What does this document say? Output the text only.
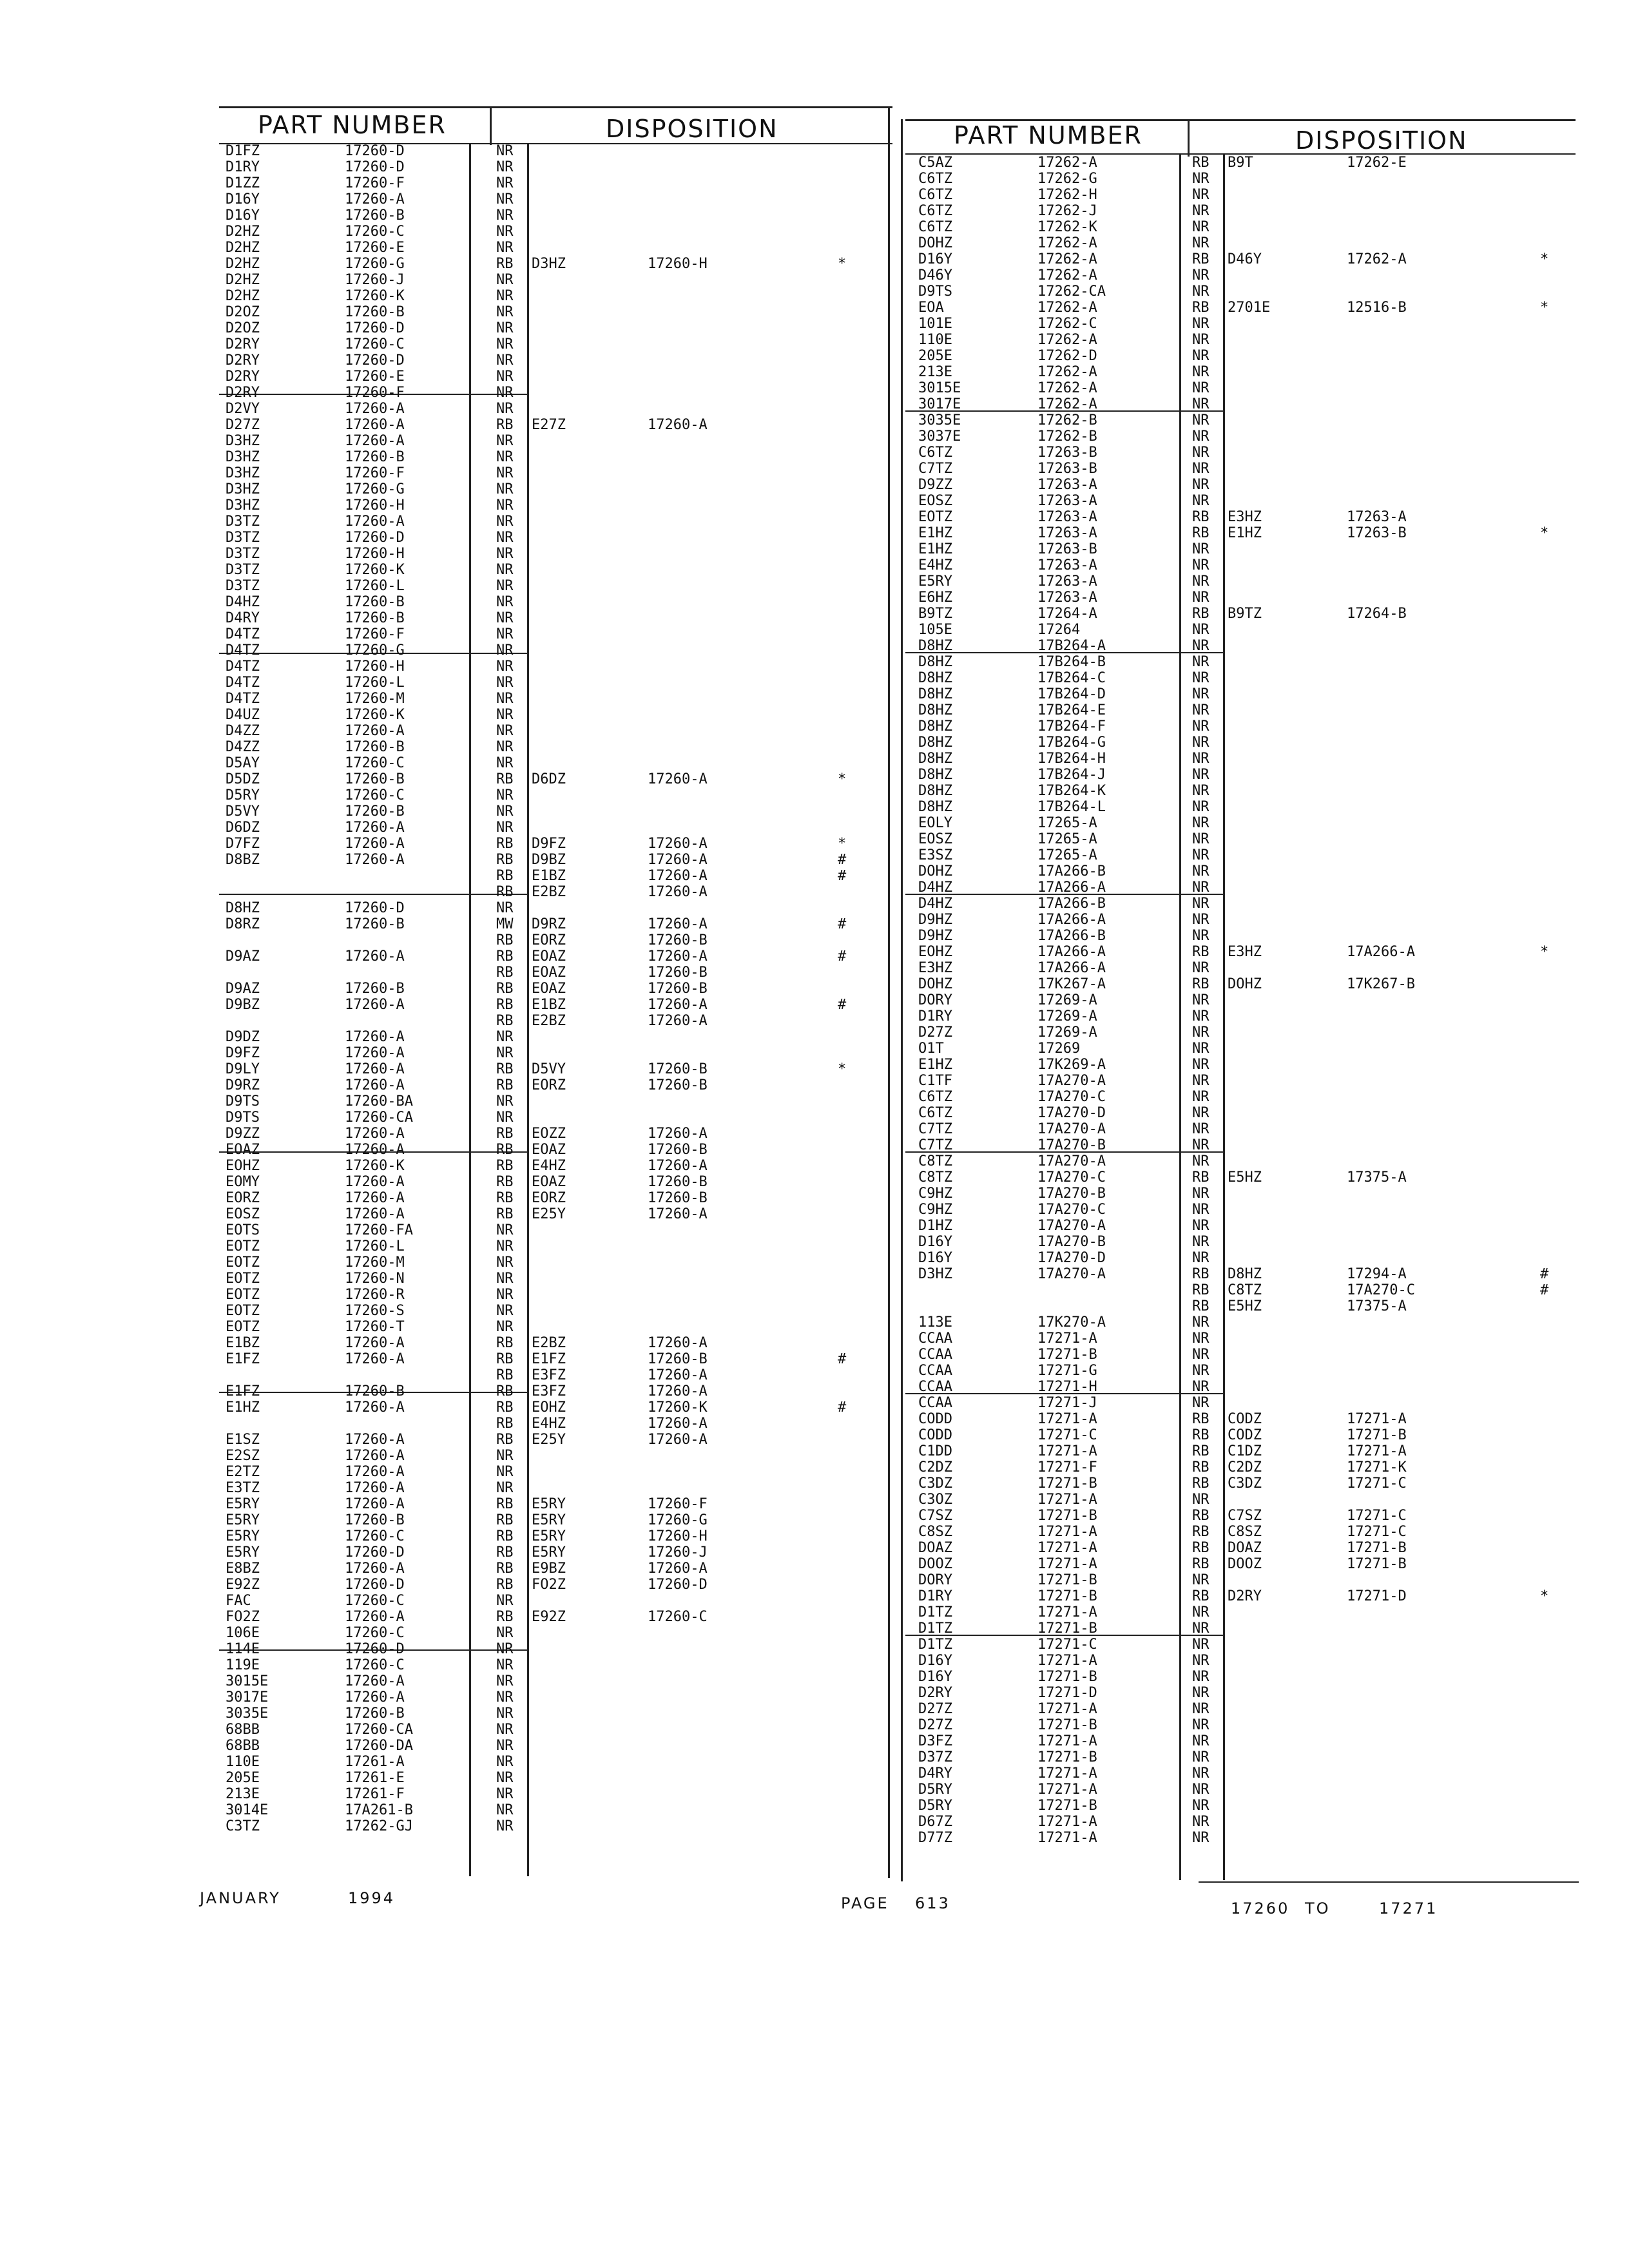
PART NUMBER	DISPOSITION	PART NUMBER	DISPOSITION
D1FZ	17260-D	NR
D1RY	17260-D	NR
D1ZZ	17260-F	NR
D16Y	17260-A	NR
D16Y	17260-B	NR
D2HZ	17260-C	NR
D2HZ	17260-E	NR
D2HZ	17260-G	RB D3HZ	17260-H	*
D2HZ	17260-J	NR
D2HZ	17260-K	NR
D2OZ	17260-B	NR
D2OZ	17260-D	NR
D2RY	17260-C	NR
D2RY	17260-D	NR
D2RY	17260-E	NR
D2RY	17260-F	NR
D2VY	17260-A	NR
D27Z	17260-A	RB E27Z	17260-A
D3HZ	17260-A	NR
D3HZ	17260-B	NR
D3HZ	17260-F	NR
D3HZ	17260-G	NR
D3HZ	17260-H	NR
D3TZ	17260-A	NR
D3TZ	17260-D	NR
D3TZ	17260-H	NR
D3TZ	17260-K	NR
D3TZ	17260-L	NR
D4HZ	17260-B	NR
D4RY	17260-B	NR
D4TZ	17260-F	NR
D4TZ	17260-G	NR
D4TZ	17260-H	NR
D4TZ	17260-L	NR
D4TZ	17260-M	NR
D4UZ	17260-K	NR
D4ZZ	17260-A	NR
D4ZZ	17260-B	NR
D5AY	17260-C	NR
D5DZ	17260-B	RB D6DZ	17260-A	*
D5RY	17260-C	NR
D5VY	17260-B	NR
D6DZ	17260-A	NR
D7FZ	17260-A	RB D9FZ	17260-A	*
D8BZ	17260-A	RB D9BZ	17260-A	#
RB E1BZ	17260-A	#
RB E2BZ	17260-A
D8HZ	17260-D	NR
D8RZ	17260-B	MW D9RZ	17260-A	#
RB EORZ	17260-B
D9AZ	17260-A	RB EOAZ	17260-A	#
RB EOAZ	17260-B
D9AZ	17260-B	RB EOAZ	17260-B
D9BZ	17260-A	RB E1BZ	17260-A	#
RB E2BZ	17260-A
D9DZ	17260-A	NR
D9FZ	17260-A	NR
D9LY	17260-A	RB D5VY	17260-B	*
D9RZ	17260-A	RB EORZ	17260-B
D9TS	17260-BA	NR
D9TS	17260-CA	NR
D9ZZ	17260-A	RB EOZZ	17260-A
EOAZ	17260-A	RB EOAZ	17260-B
EOHZ	17260-K	RB E4HZ	17260-A
EOMY	17260-A	RB EOAZ	17260-B
EORZ	17260-A	RB EORZ	17260-B
EOSZ	17260-A	RB E25Y	17260-A
EOTS	17260-FA	NR
EOTZ	17260-L	NR
EOTZ	17260-M	NR
EOTZ	17260-N	NR
EOTZ	17260-R	NR
EOTZ	17260-S	NR
EOTZ	17260-T	NR
E1BZ	17260-A	RB E2BZ	17260-A
E1FZ	17260-A	RB E1FZ	17260-B	#
RB E3FZ	17260-A
E1FZ	17260-B	RB E3FZ	17260-A
E1HZ	17260-A	RB EOHZ	17260-K	#
RB E4HZ	17260-A
E1SZ	17260-A	RB E25Y	17260-A
E2SZ	17260-A	NR
E2TZ	17260-A	NR
E3TZ	17260-A	NR
E5RY	17260-A	RB E5RY	17260-F
E5RY	17260-B	RB E5RY	17260-G
E5RY	17260-C	RB E5RY	17260-H
E5RY	17260-D	RB E5RY	17260-J
E8BZ	17260-A	RB E9BZ	17260-A
E92Z	17260-D	RB FO2Z	17260-D
FAC	17260-C	NR
FO2Z	17260-A	RB E92Z	17260-C
106E	17260-C	NR
114E	17260-D	NR
119E	17260-C	NR
3015E	17260-A	NR
3017E	17260-A	NR
3035E	17260-B	NR
68BB	17260-CA	NR
68BB	17260-DA	NR
110E	17261-A	NR
205E	17261-E	NR
213E	17261-F	NR
3014E	17A261-B	NR
C3TZ	17262-GJ	NR
C5AZ	17262-A	RB B9T	17262-E
C6TZ	17262-G	NR
C6TZ	17262-H	NR
C6TZ	17262-J	NR
C6TZ	17262-K	NR
DOHZ	17262-A	NR
D16Y	17262-A	RB D46Y	17262-A	*
D46Y	17262-A	NR
D9TS	17262-CA	NR
EOA	17262-A	RB 2701E	12516-B	*
101E	17262-C	NR
110E	17262-A	NR
205E	17262-D	NR
213E	17262-A	NR
3015E	17262-A	NR
3017E	17262-A	NR
3035E	17262-B	NR
3037E	17262-B	NR
C6TZ	17263-B	NR
C7TZ	17263-B	NR
D9ZZ	17263-A	NR
EOSZ	17263-A	NR
EOTZ	17263-A	RB E3HZ	17263-A
E1HZ	17263-A	RB E1HZ	17263-B	*
E1HZ	17263-B	NR
E4HZ	17263-A	NR
E5RY	17263-A	NR
E6HZ	17263-A	NR
B9TZ	17264-A	RB B9TZ	17264-B
105E	17264	NR
D8HZ	17B264-A	NR
D8HZ	17B264-B	NR
D8HZ	17B264-C	NR
D8HZ	17B264-D	NR
D8HZ	17B264-E	NR
D8HZ	17B264-F	NR
D8HZ	17B264-G	NR
D8HZ	17B264-H	NR
D8HZ	17B264-J	NR
D8HZ	17B264-K	NR
D8HZ	17B264-L	NR
EOLY	17265-A	NR
EOSZ	17265-A	NR
E3SZ	17265-A	NR
DOHZ	17A266-B	NR
D4HZ	17A266-A	NR
D4HZ	17A266-B	NR
D9HZ	17A266-A	NR
D9HZ	17A266-B	NR
EOHZ	17A266-A	RB E3HZ	17A266-A	*
E3HZ	17A266-A	NR
DOHZ	17K267-A	RB DOHZ	17K267-B
DORY	17269-A	NR
D1RY	17269-A	NR
D27Z	17269-A	NR
O1T	17269	NR
E1HZ	17K269-A	NR
C1TF	17A270-A	NR
C6TZ	17A270-C	NR
C6TZ	17A270-D	NR
C7TZ	17A270-A	NR
C7TZ	17A270-B	NR
C8TZ	17A270-A	NR
C8TZ	17A270-C	RB E5HZ	17375-A
C9HZ	17A270-B	NR
C9HZ	17A270-C	NR
D1HZ	17A270-A	NR
D16Y	17A270-B	NR
D16Y	17A270-D	NR
D3HZ	17A270-A	RB D8HZ	17294-A	#
RB C8TZ	17A270-C	#
RB E5HZ	17375-A
113E	17K270-A	NR
CCAA	17271-A	NR
CCAA	17271-B	NR
CCAA	17271-G	NR
CCAA	17271-H	NR
CCAA	17271-J	NR
CODD	17271-A	RB CODZ	17271-A
CODD	17271-C	RB CODZ	17271-B
C1DD	17271-A	RB C1DZ	17271-A
C2DZ	17271-F	RB C2DZ	17271-K
C3DZ	17271-B	RB C3DZ	17271-C
C3OZ	17271-A	NR
C7SZ	17271-B	RB C7SZ	17271-C
C8SZ	17271-A	RB C8SZ	17271-C
DOAZ	17271-A	RB DOAZ	17271-B
DOOZ	17271-A	RB DOOZ	17271-B
DORY	17271-B	NR
D1RY	17271-B	RB D2RY	17271-D	*
D1TZ	17271-A	NR
D1TZ	17271-B	NR
D1TZ	17271-C	NR
D16Y	17271-A	NR
D16Y	17271-B	NR
D2RY	17271-D	NR
D27Z	17271-A	NR
D27Z	17271-B	NR
D3FZ	17271-A	NR
D37Z	17271-B	NR
D4RY	17271-A	NR
D5RY	17271-A	NR
D5RY	17271-B	NR
D67Z	17271-A	NR
D77Z	17271-A	NR
JANUARY	1994	PAGE 613	17260 TO	17271
